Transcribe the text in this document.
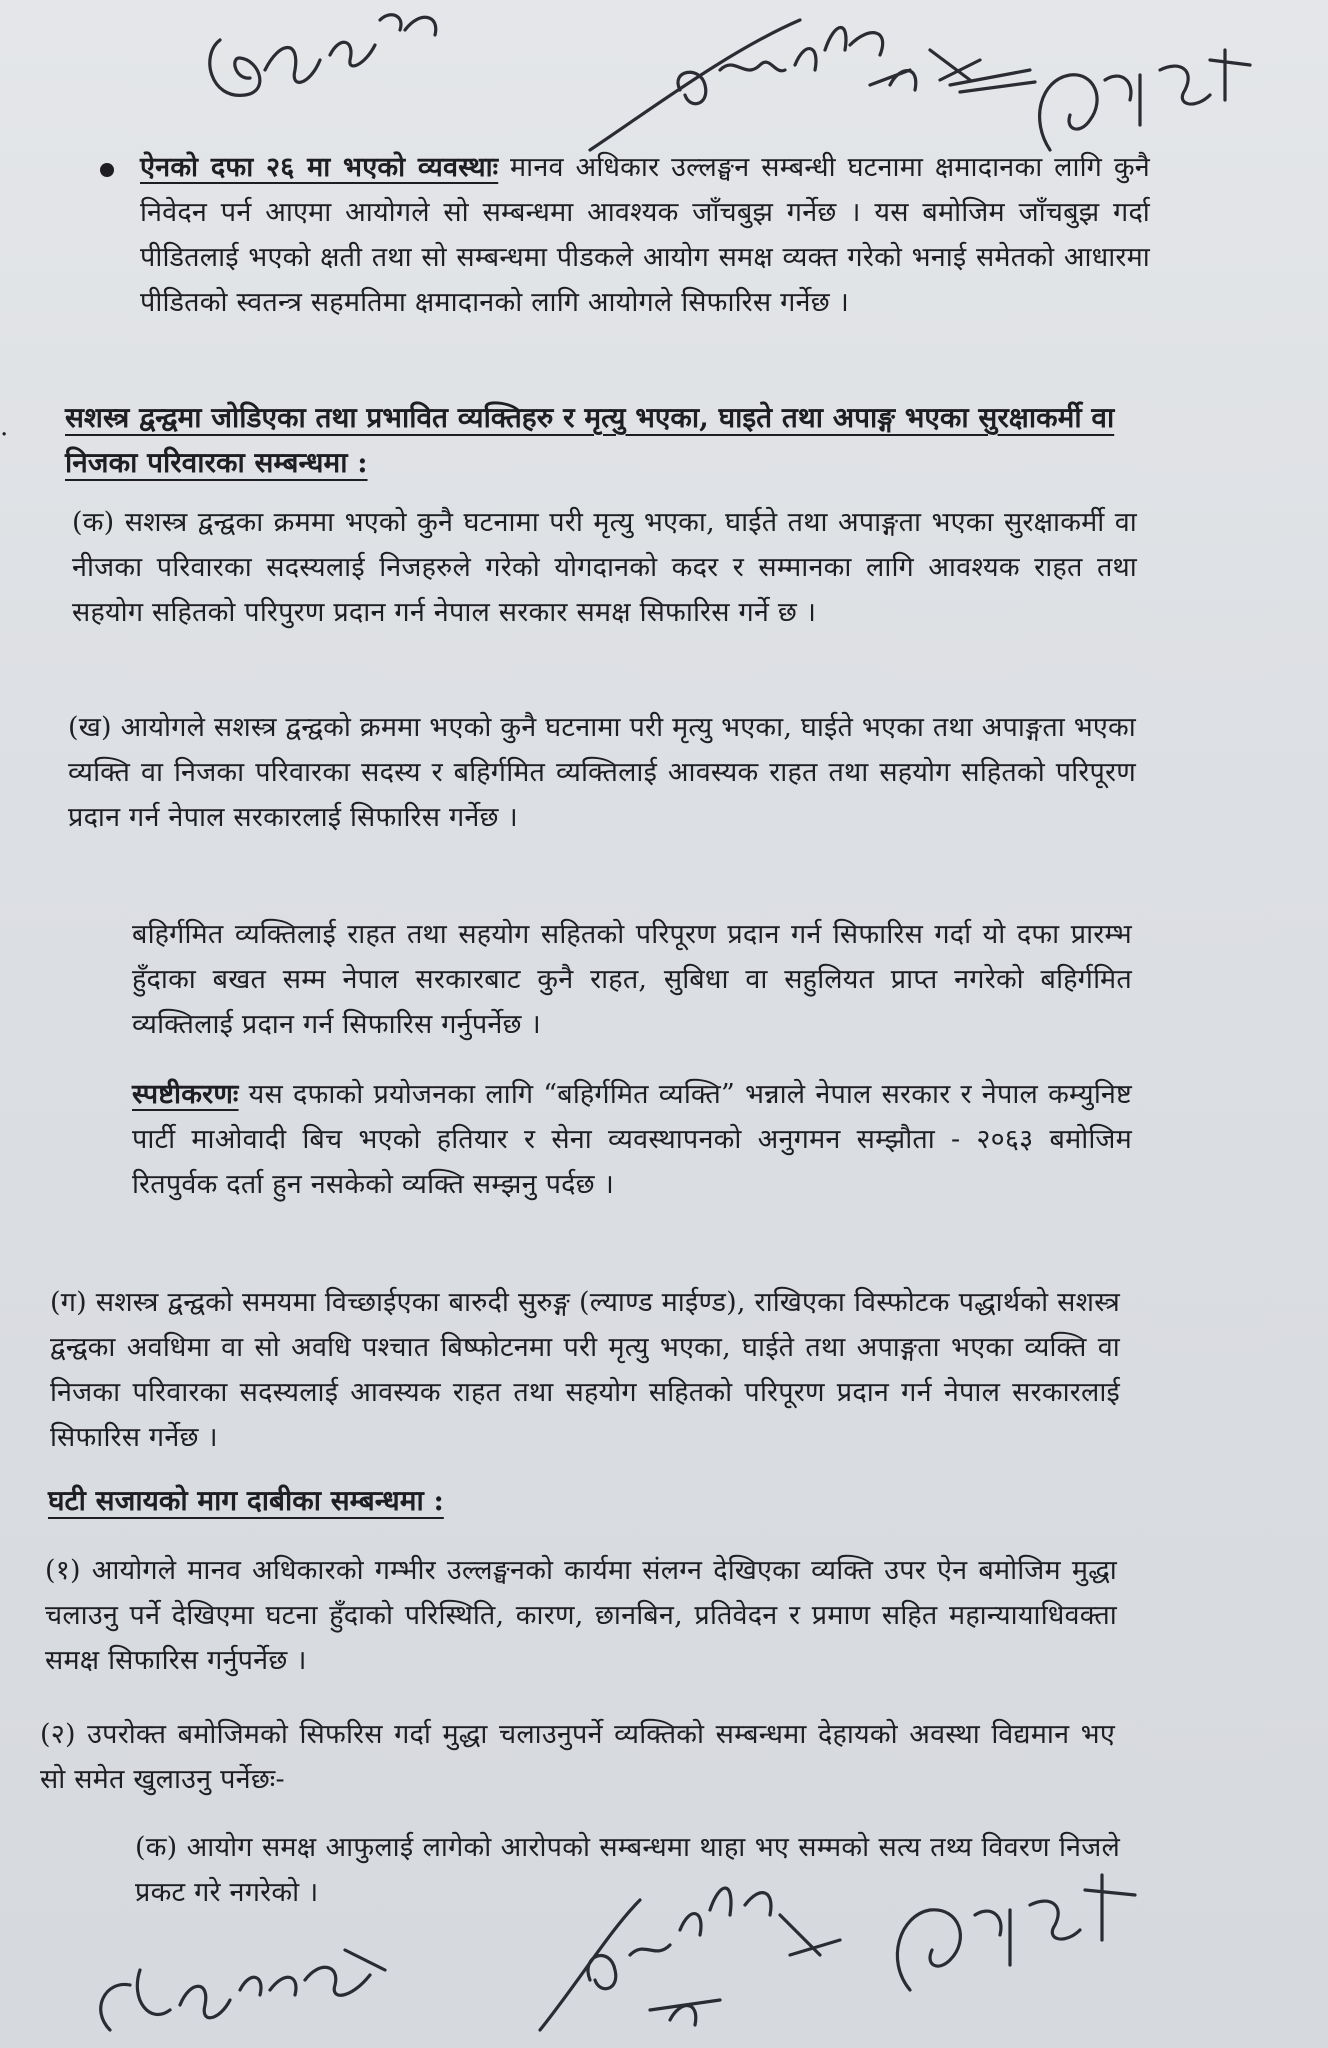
ऐनको दफा २६ मा भएको व्यवस्थाः मानव अधिकार उल्लङ्घन सम्बन्धी घटनामा क्षमादानका लागि कुनै निवेदन पर्न आएमा आयोगले सो सम्बन्धमा आवश्यक जाँचबुझ गर्नेछ । यस बमोजिम जाँचबुझ गर्दा पीडितलाई भएको क्षती तथा सो सम्बन्धमा पीडकले आयोग समक्ष व्यक्त गरेको भनाई समेतको आधारमा पीडितको स्वतन्त्र सहमतिमा क्षमादानको लागि आयोगले सिफारिस गर्नेछ ।

. सशस्त्र द्वन्द्वमा जोडिएका तथा प्रभावित व्यक्तिहरु र मृत्यु भएका, घाइते तथा अपाङ्ग भएका सुरक्षाकर्मी वा निजका परिवारका सम्बन्धमा :

(क) सशस्त्र द्वन्द्वका क्रममा भएको कुनै घटनामा परी मृत्यु भएका, घाईते तथा अपाङ्गता भएका सुरक्षाकर्मी वा नीजका परिवारका सदस्यलाई निजहरुले गरेको योगदानको कदर र सम्मानका लागि आवश्यक राहत तथा सहयोग सहितको परिपुरण प्रदान गर्न नेपाल सरकार समक्ष सिफारिस गर्ने छ ।

(ख) आयोगले सशस्त्र द्वन्द्वको क्रममा भएको कुनै घटनामा परी मृत्यु भएका, घाईते भएका तथा अपाङ्गता भएका व्यक्ति वा निजका परिवारका सदस्य र बहिर्गमित व्यक्तिलाई आवस्यक राहत तथा सहयोग सहितको परिपूरण प्रदान गर्न नेपाल सरकारलाई सिफारिस गर्नेछ ।

बहिर्गमित व्यक्तिलाई राहत तथा सहयोग सहितको परिपूरण प्रदान गर्न सिफारिस गर्दा यो दफा प्रारम्भ हुँदाका बखत सम्म नेपाल सरकारबाट कुनै राहत, सुबिधा वा सहुलियत प्राप्त नगरेको बहिर्गमित व्यक्तिलाई प्रदान गर्न सिफारिस गर्नुपर्नेछ ।

स्पष्टीकरणः यस दफाको प्रयोजनका लागि “बहिर्गमित व्यक्ति” भन्नाले नेपाल सरकार र नेपाल कम्युनिष्ट पार्टी माओवादी बिच भएको हतियार र सेना व्यवस्थापनको अनुगमन सम्झौता - २०६३ बमोजिम रितपुर्वक दर्ता हुन नसकेको व्यक्ति सम्झनु पर्दछ ।

(ग) सशस्त्र द्वन्द्वको समयमा विच्छाईएका बारुदी सुरुङ्ग (ल्याण्ड माईण्ड), राखिएका विस्फोटक पद्धार्थको सशस्त्र द्वन्द्वका अवधिमा वा सो अवधि पश्चात बिष्फोटनमा परी मृत्यु भएका, घाईते तथा अपाङ्गता भएका व्यक्ति वा निजका परिवारका सदस्यलाई आवस्यक राहत तथा सहयोग सहितको परिपूरण प्रदान गर्न नेपाल सरकारलाई सिफारिस गर्नेछ ।

घटी सजायको माग दाबीका सम्बन्धमा :

(१) आयोगले मानव अधिकारको गम्भीर उल्लङ्घनको कार्यमा संलग्न देखिएका व्यक्ति उपर ऐन बमोजिम मुद्धा चलाउनु पर्ने देखिएमा घटना हुँदाको परिस्थिति, कारण, छानबिन, प्रतिवेदन र प्रमाण सहित महान्यायाधिवक्ता समक्ष सिफारिस गर्नुपर्नेछ ।

(२) उपरोक्त बमोजिमको सिफरिस गर्दा मुद्धा चलाउनुपर्ने व्यक्तिको सम्बन्धमा देहायको अवस्था विद्यमान भए सो समेत खुलाउनु पर्नेछः-

(क) आयोग समक्ष आफुलाई लागेको आरोपको सम्बन्धमा थाहा भए सम्मको सत्य तथ्य विवरण निजले प्रकट गरे नगरेको ।
